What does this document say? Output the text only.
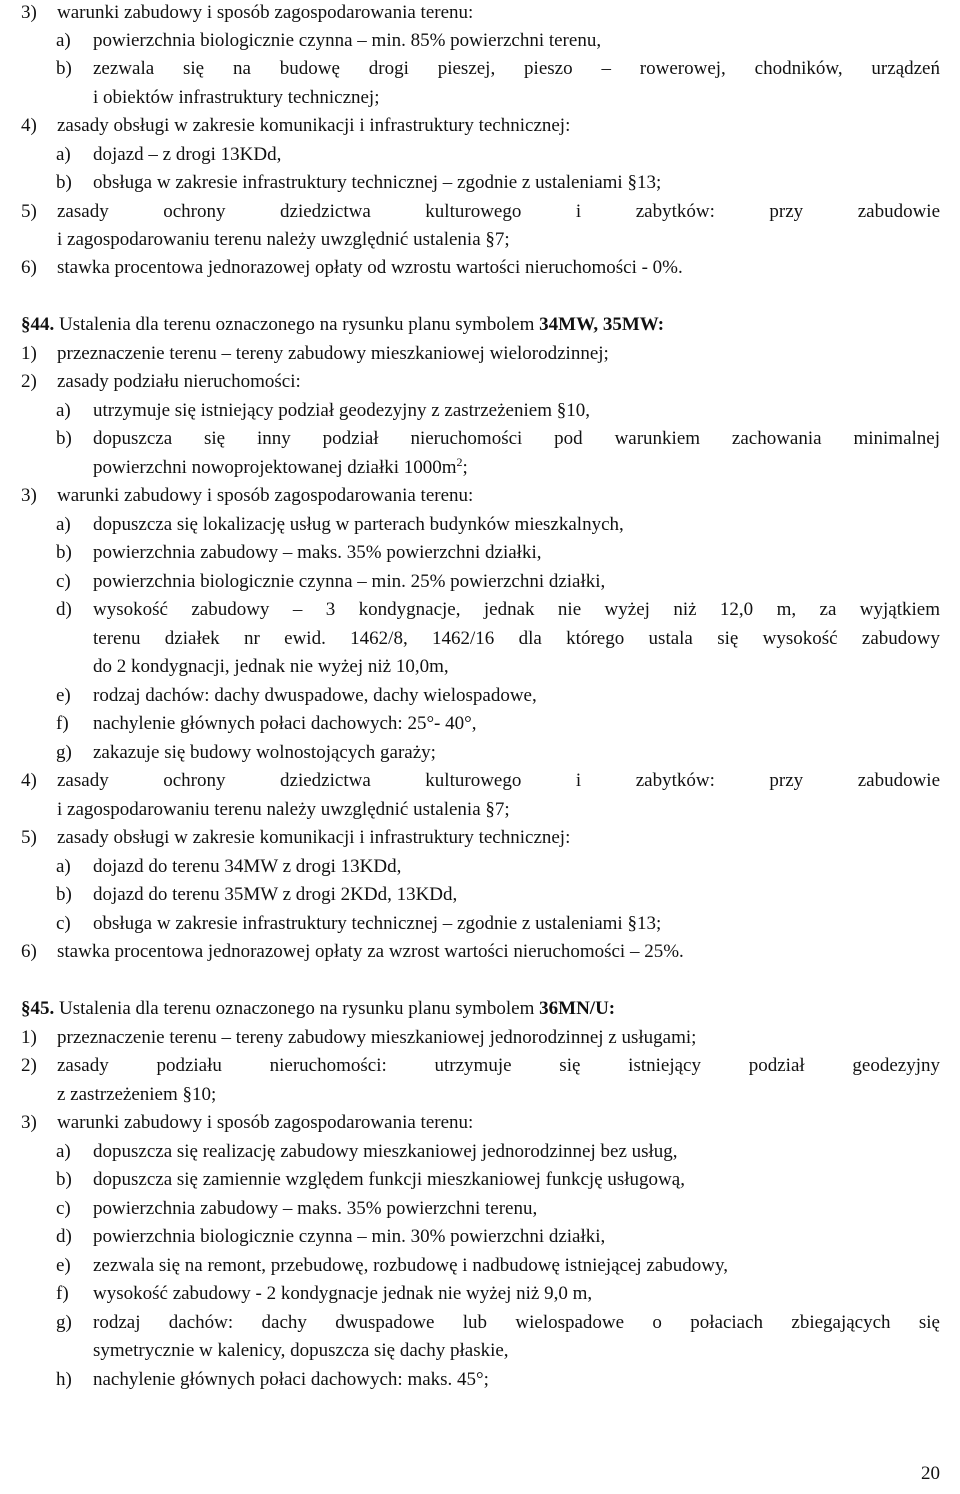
3) warunki zabudowy i sposób zagospodarowania terenu:
a) powierzchnia biologicznie czynna – min. 85% powierzchni terenu,
b) zezwala się na budowę drogi pieszej, pieszo – rowerowej, chodników, urządzeń
i obiektów infrastruktury technicznej;
4) zasady obsługi w zakresie komunikacji i infrastruktury technicznej:
a) dojazd – z drogi 13KDd,
b) obsługa w zakresie infrastruktury technicznej – zgodnie z ustaleniami §13;
5) zasady ochrony dziedzictwa kulturowego i zabytków: przy zabudowie
i zagospodarowaniu terenu należy uwzględnić ustalenia §7;
6) stawka procentowa jednorazowej opłaty od wzrostu wartości nieruchomości - 0%.
§44. Ustalenia dla terenu oznaczonego na rysunku planu symbolem 34MW, 35MW:
1) przeznaczenie terenu – tereny zabudowy mieszkaniowej wielorodzinnej;
2) zasady podziału nieruchomości:
a) utrzymuje się istniejący podział geodezyjny z zastrzeżeniem §10,
b) dopuszcza się inny podział nieruchomości pod warunkiem zachowania minimalnej
powierzchni nowoprojektowanej działki $1000m^2$;
3) warunki zabudowy i sposób zagospodarowania terenu:
a) dopuszcza się lokalizację usług w parterach budynków mieszkalnych,
b) powierzchnia zabudowy – maks. 35% powierzchni działki,
c) powierzchnia biologicznie czynna – min. 25% powierzchni działki,
d) wysokość zabudowy – 3 kondygnacje, jednak nie wyżej niż 12,0 m, za wyjątkiem
terenu działek nr ewid. 1462/8, 1462/16 dla którego ustala się wysokość zabudowy
do 2 kondygnacji, jednak nie wyżej niż 10,0m,
e) rodzaj dachów: dachy dwuspadowe, dachy wielospadowe,
f) nachylenie głównych połaci dachowych: 25°- 40°,
g) zakazuje się budowy wolnostojących garaży;
4) zasady ochrony dziedzictwa kulturowego i zabytków: przy zabudowie
i zagospodarowaniu terenu należy uwzględnić ustalenia §7;
5) zasady obsługi w zakresie komunikacji i infrastruktury technicznej:
a) dojazd do terenu 34MW z drogi 13KDd,
b) dojazd do terenu 35MW z drogi 2KDd, 13KDd,
c) obsługa w zakresie infrastruktury technicznej – zgodnie z ustaleniami §13;
6) stawka procentowa jednorazowej opłaty za wzrost wartości nieruchomości – 25%.
§45. Ustalenia dla terenu oznaczonego na rysunku planu symbolem 36MN/U:
1) przeznaczenie terenu – tereny zabudowy mieszkaniowej jednorodzinnej z usługami;
2) zasady podziału nieruchomości: utrzymuje się istniejący podział geodezyjny
z zastrzeżeniem §10;
3) warunki zabudowy i sposób zagospodarowania terenu:
a) dopuszcza się realizację zabudowy mieszkaniowej jednorodzinnej bez usług,
b) dopuszcza się zamiennie względem funkcji mieszkaniowej funkcję usługową,
c) powierzchnia zabudowy – maks. 35% powierzchni terenu,
d) powierzchnia biologicznie czynna – min. 30% powierzchni działki,
e) zezwala się na remont, przebudowę, rozbudowę i nadbudowę istniejącej zabudowy,
f) wysokość zabudowy - 2 kondygnacje jednak nie wyżej niż 9,0 m,
g) rodzaj dachów: dachy dwuspadowe lub wielospadowe o połaciach zbiegających się
symetrycznie w kalenicy, dopuszcza się dachy płaskie,
h) nachylenie głównych połaci dachowych: maks. 45°;
20
